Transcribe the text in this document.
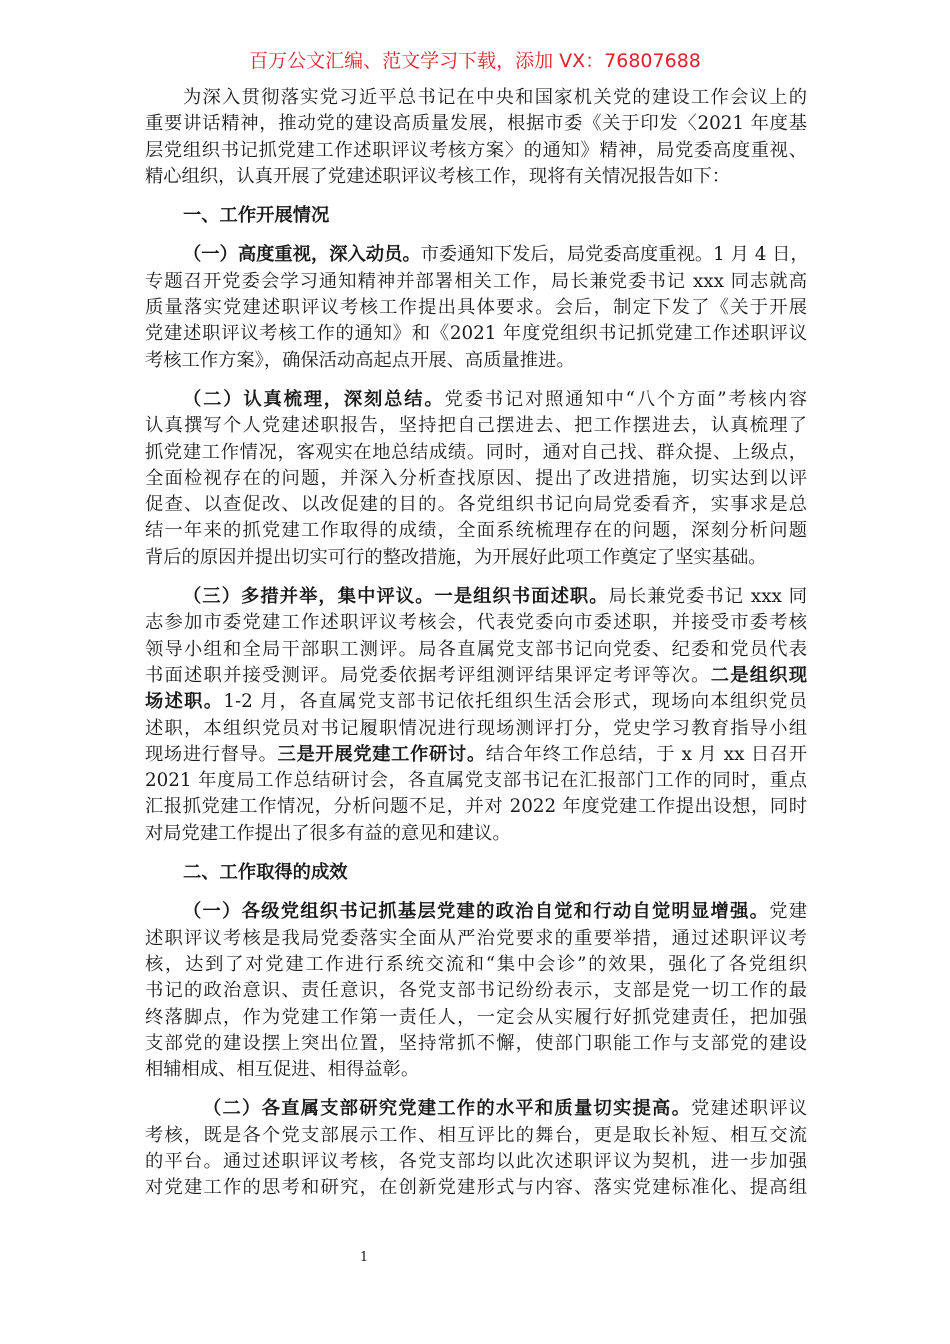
百万公文汇编、范文学习下载，添加 VX：76807688
为深入贯彻落实党习近平总书记在中央和国家机关党的建设工作会议上的
重要讲话精神，推动党的建设高质量发展，根据市委《关于印发〈2021 年度基
层党组织书记抓党建工作述职评议考核方案〉的通知》精神，局党委高度重视、
精心组织，认真开展了党建述职评议考核工作，现将有关情况报告如下：
一、工作开展情况
（一）高度重视，深入动员。市委通知下发后，局党委高度重视。1 月 4 日，
专题召开党委会学习通知精神并部署相关工作，局长兼党委书记 xxx 同志就高
质量落实党建述职评议考核工作提出具体要求。会后，制定下发了《关于开展
党建述职评议考核工作的通知》和《2021 年度党组织书记抓党建工作述职评议
考核工作方案》，确保活动高起点开展、高质量推进。
（二）认真梳理，深刻总结。党委书记对照通知中“八个方面”考核内容
认真撰写个人党建述职报告，坚持把自己摆进去、把工作摆进去，认真梳理了
抓党建工作情况，客观实在地总结成绩。同时，通对自己找、群众提、上级点，
全面检视存在的问题，并深入分析查找原因、提出了改进措施，切实达到以评
促查、以查促改、以改促建的目的。各党组织书记向局党委看齐，实事求是总
结一年来的抓党建工作取得的成绩，全面系统梳理存在的问题，深刻分析问题
背后的原因并提出切实可行的整改措施，为开展好此项工作奠定了坚实基础。
（三）多措并举，集中评议。一是组织书面述职。局长兼党委书记 xxx 同
志参加市委党建工作述职评议考核会，代表党委向市委述职，并接受市委考核
领导小组和全局干部职工测评。局各直属党支部书记向党委、纪委和党员代表
书面述职并接受测评。局党委依据考评组测评结果评定考评等次。二是组织现
场述职。1-2 月，各直属党支部书记依托组织生活会形式，现场向本组织党员
述职，本组织党员对书记履职情况进行现场测评打分，党史学习教育指导小组
现场进行督导。三是开展党建工作研讨。结合年终工作总结，于 x 月 xx 日召开
2021 年度局工作总结研讨会，各直属党支部书记在汇报部门工作的同时，重点
汇报抓党建工作情况，分析问题不足，并对 2022 年度党建工作提出设想，同时
对局党建工作提出了很多有益的意见和建议。
二、工作取得的成效
（一）各级党组织书记抓基层党建的政治自觉和行动自觉明显增强。党建
述职评议考核是我局党委落实全面从严治党要求的重要举措，通过述职评议考
核，达到了对党建工作进行系统交流和“集中会诊”的效果，强化了各党组织
书记的政治意识、责任意识，各党支部书记纷纷表示，支部是党一切工作的最
终落脚点，作为党建工作第一责任人，一定会从实履行好抓党建责任，把加强
支部党的建设摆上突出位置，坚持常抓不懈，使部门职能工作与支部党的建设
相辅相成、相互促进、相得益彰。
（二）各直属支部研究党建工作的水平和质量切实提高。党建述职评议
考核，既是各个党支部展示工作、相互评比的舞台，更是取长补短、相互交流
的平台。通过述职评议考核，各党支部均以此次述职评议为契机，进一步加强
对党建工作的思考和研究，在创新党建形式与内容、落实党建标准化、提高组
1
